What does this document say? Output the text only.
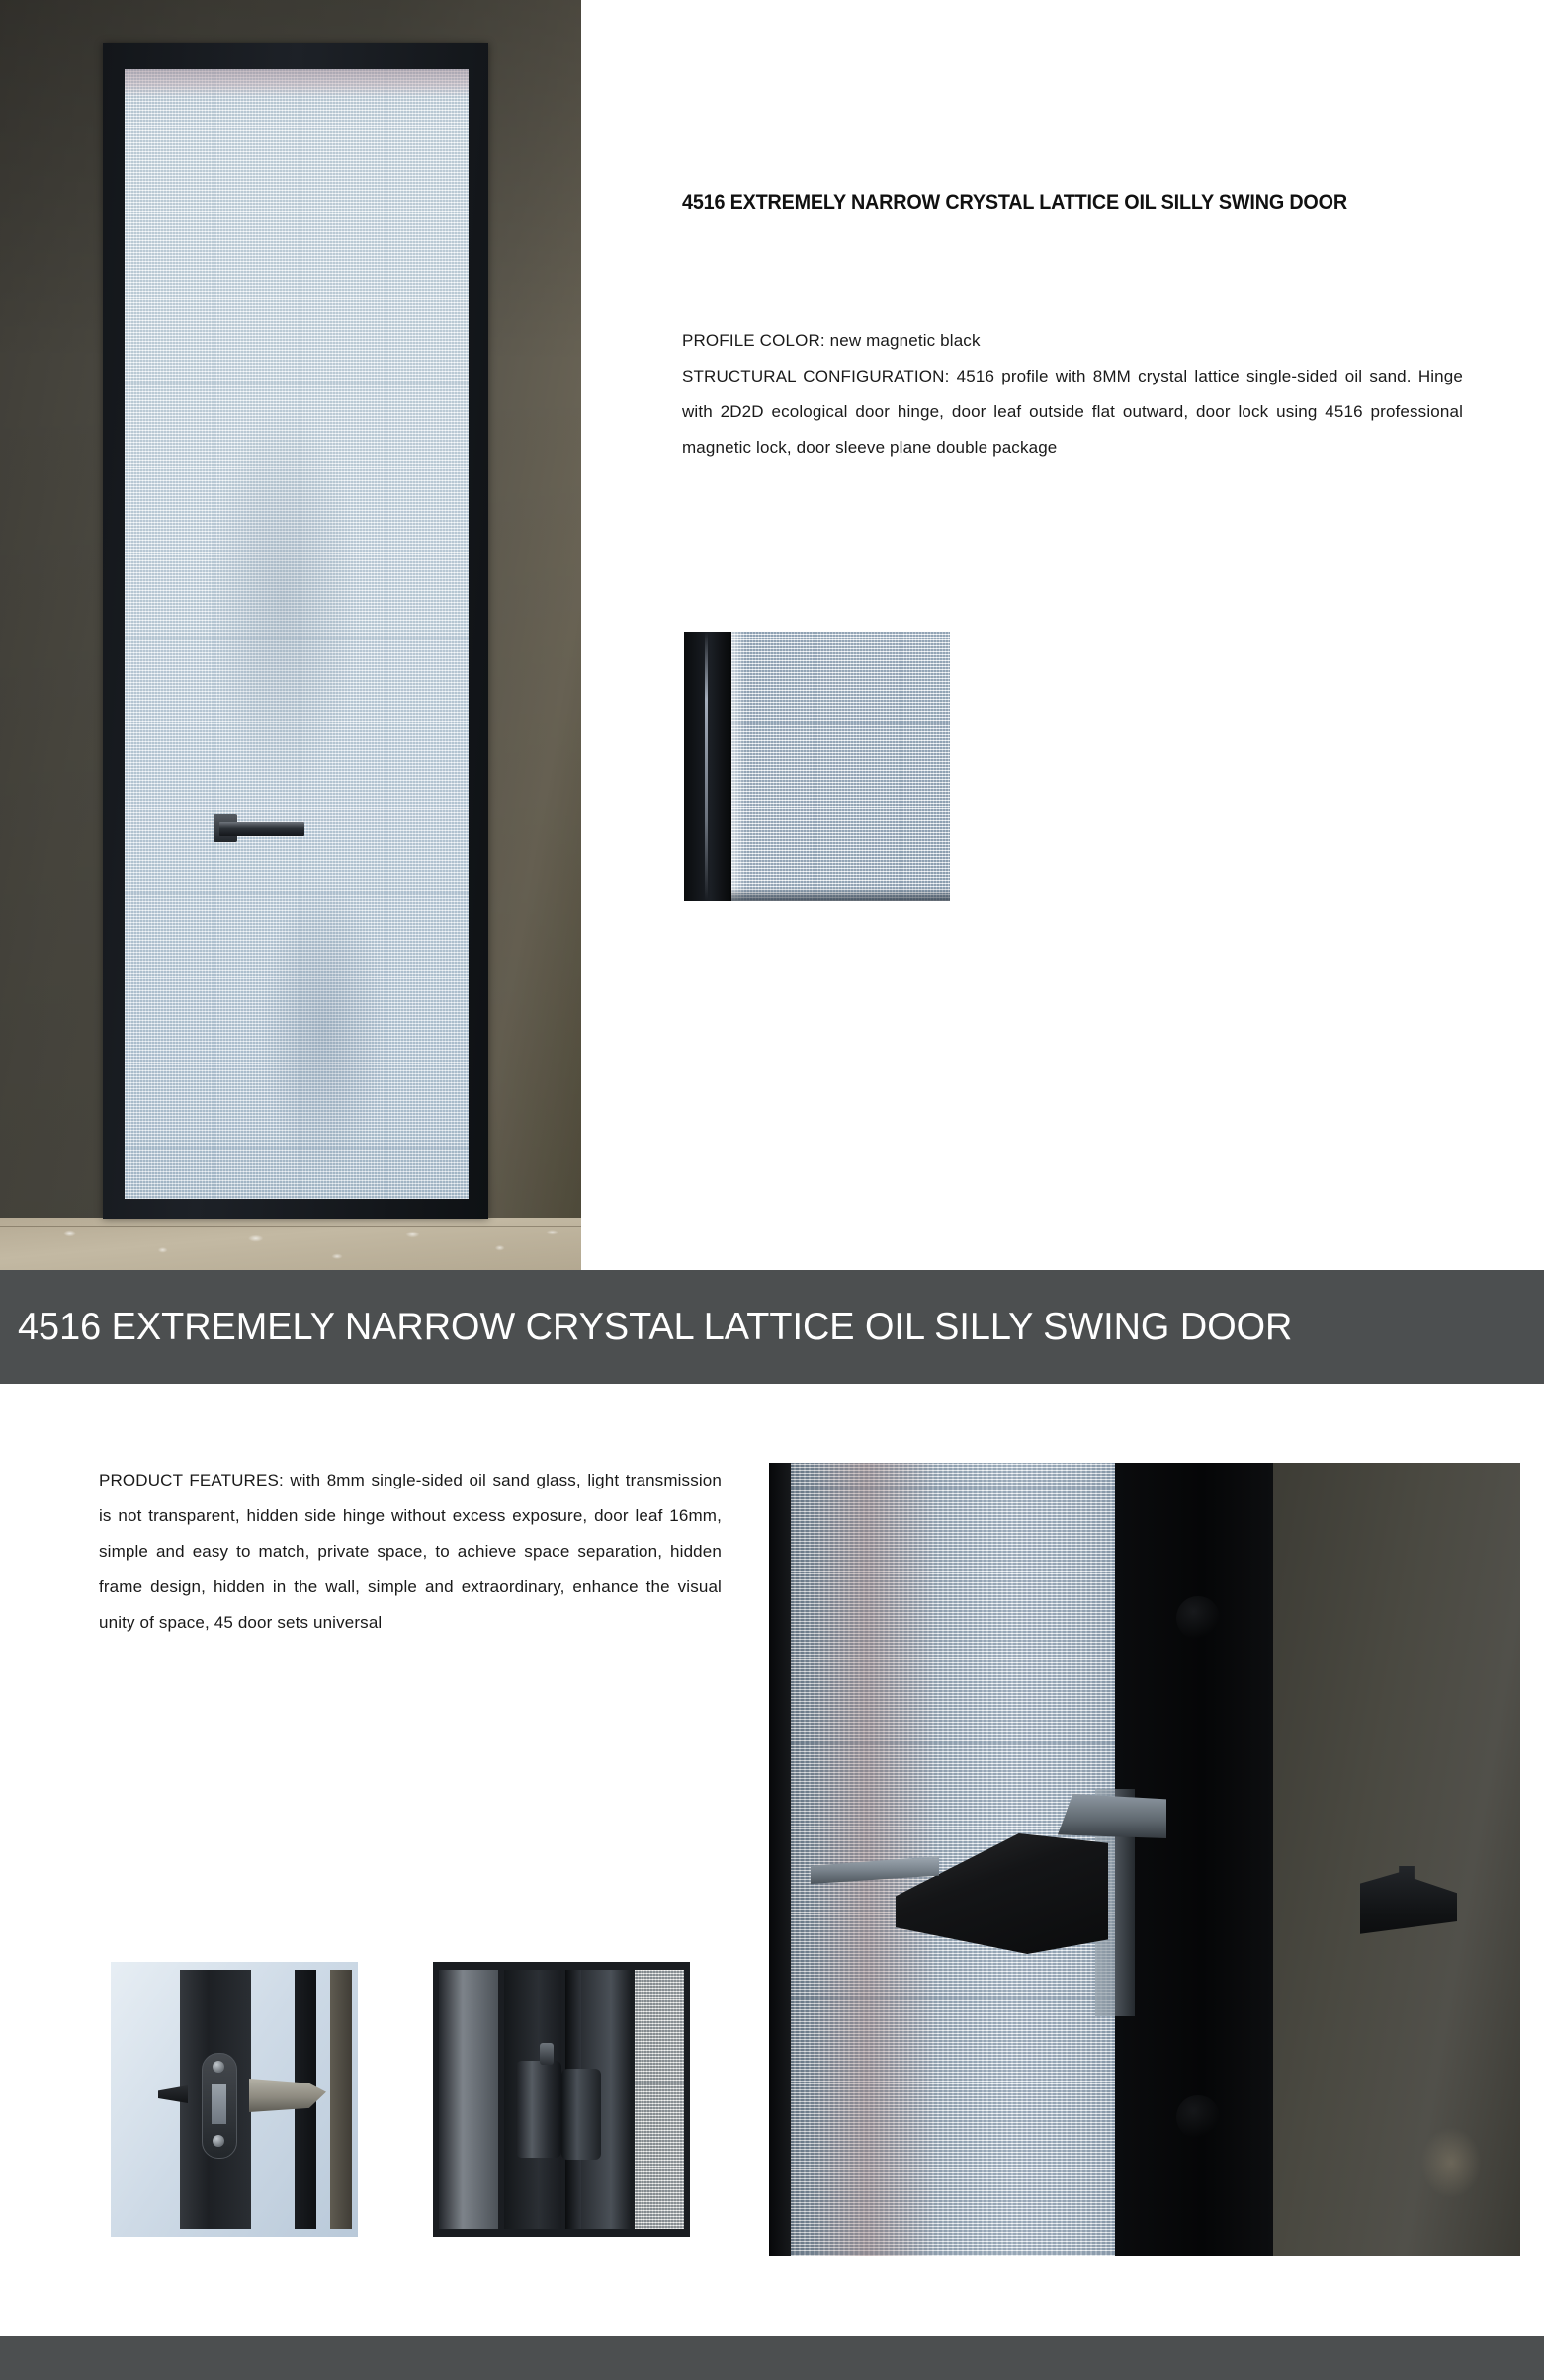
4516 EXTREMELY NARROW CRYSTAL LATTICE OIL SILLY SWING DOOR
PROFILE COLOR: new magnetic black
STRUCTURAL CONFIGURATION: 4516 profile with 8MM crystal lattice single-sided oil sand. Hinge with 2D2D ecological door hinge, door leaf outside flat outward, door lock using 4516 professional magnetic lock, door sleeve plane double package
4516 EXTREMELY NARROW CRYSTAL LATTICE OIL SILLY SWING DOOR
PRODUCT FEATURES: with 8mm single-sided oil sand glass, light transmission is not transparent, hidden side hinge without excess exposure, door leaf 16mm, simple and easy to match, private space, to achieve space separation, hidden frame design, hidden in the wall, simple and extraordinary, enhance the visual unity of space, 45 door sets universal
